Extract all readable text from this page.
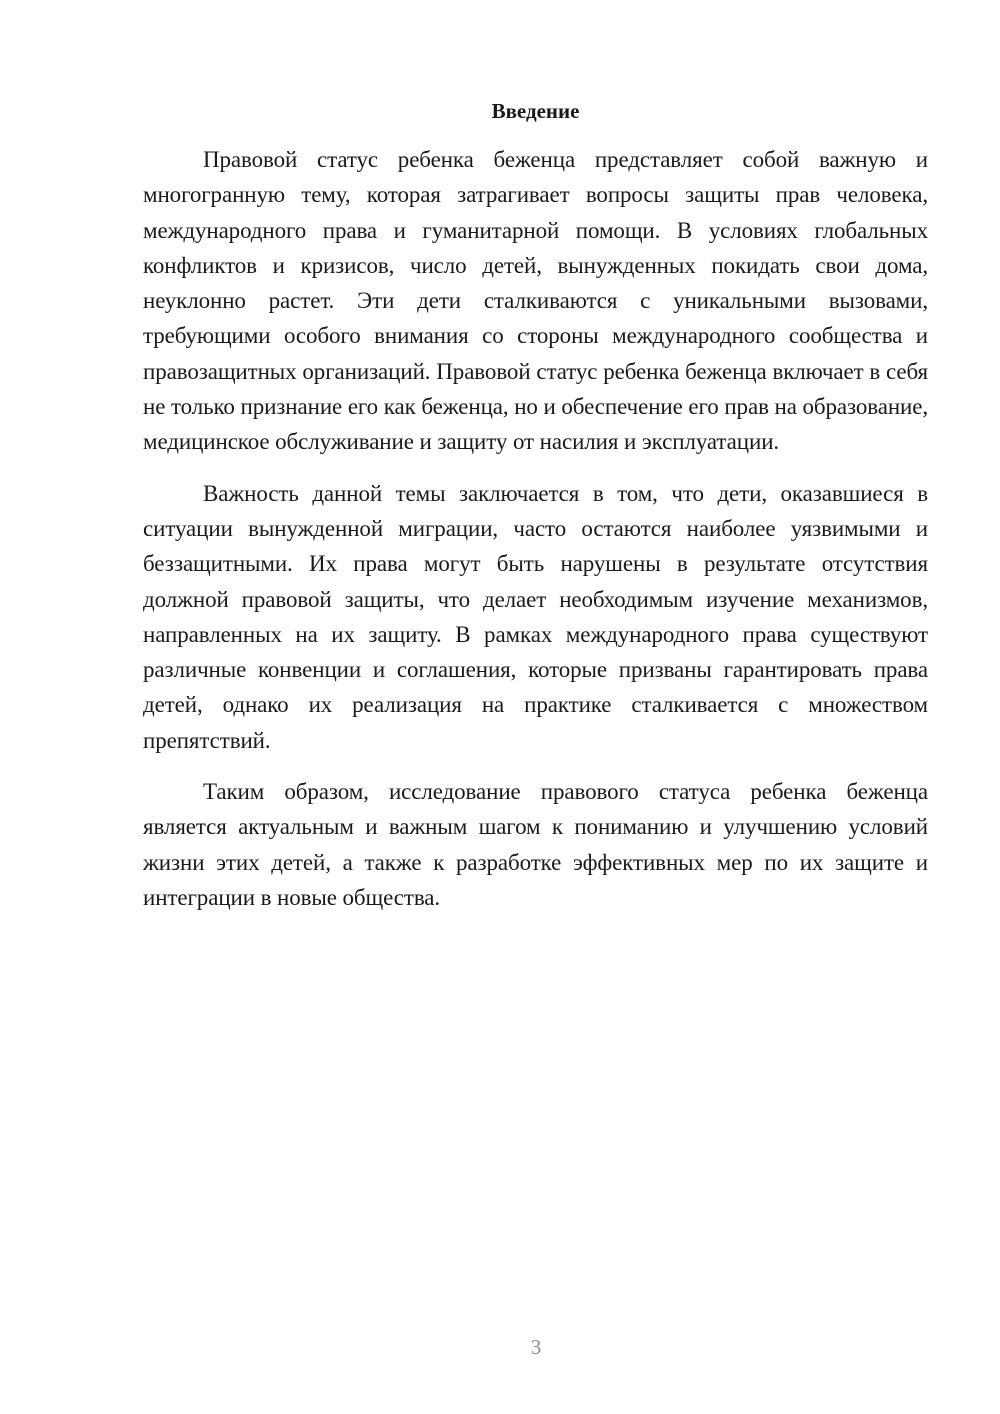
Введение

Правовой статус ребенка беженца представляет собой важную и многогранную тему, которая затрагивает вопросы защиты прав человека, международного права и гуманитарной помощи. В условиях глобальных конфликтов и кризисов, число детей, вынужденных покидать свои дома, неуклонно растет. Эти дети сталкиваются с уникальными вызовами, требующими особого внимания со стороны международного сообщества и правозащитных организаций. Правовой статус ребенка беженца включает в себя не только признание его как беженца, но и обеспечение его прав на образование, медицинское обслуживание и защиту от насилия и эксплуатации.

Важность данной темы заключается в том, что дети, оказавшиеся в ситуации вынужденной миграции, часто остаются наиболее уязвимыми и беззащитными. Их права могут быть нарушены в результате отсутствия должной правовой защиты, что делает необходимым изучение механизмов, направленных на их защиту. В рамках международного права существуют различные конвенции и соглашения, которые призваны гарантировать права детей, однако их реализация на практике сталкивается с множеством препятствий.

Таким образом, исследование правового статуса ребенка беженца является актуальным и важным шагом к пониманию и улучшению условий жизни этих детей, а также к разработке эффективных мер по их защите и интеграции в новые общества.

3
